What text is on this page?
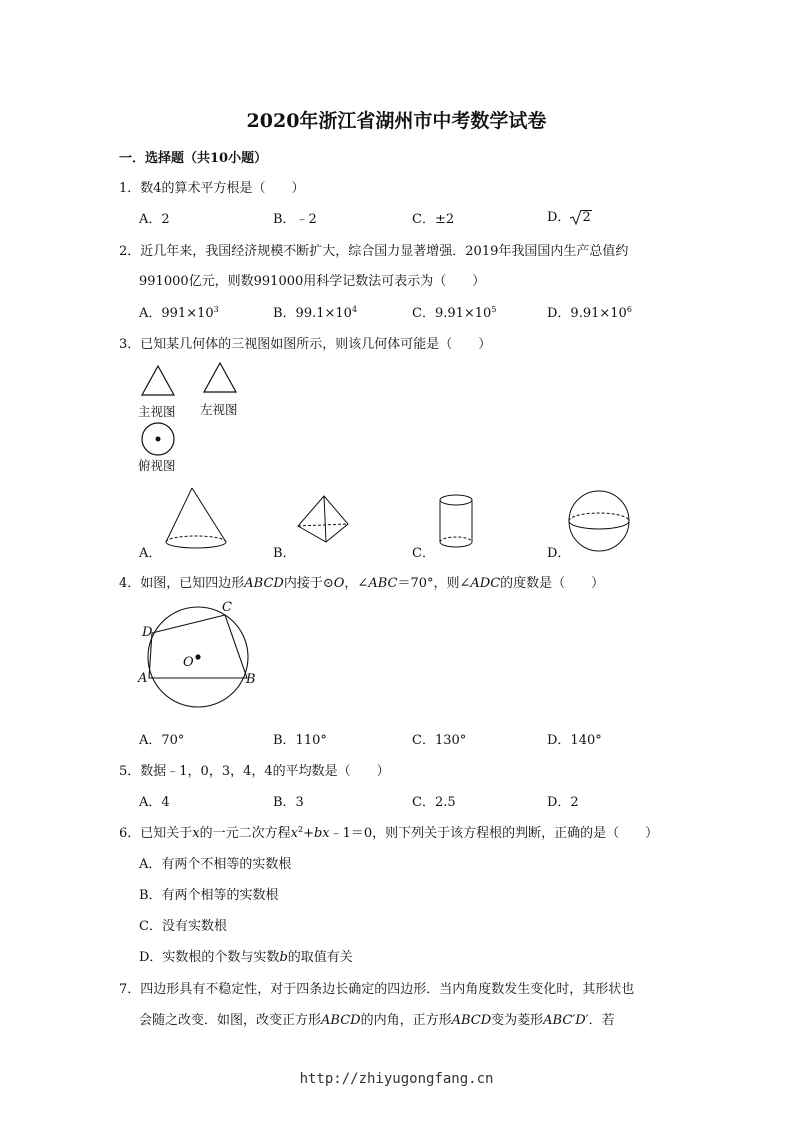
2020年浙江省湖州市中考数学试卷
一．选择题（共10小题）
1．数4的算术平方根是（　　）
A．2	B．﹣2	C．±2	D． 2
2．近几年来，我国经济规模不断扩大，综合国力显著增强．2019年我国国内生产总值约
991000亿元，则数991000用科学记数法可表示为（　　）
A．$991\times 10^3$	B．$99.1\times 10^4$	C．$9.91\times 10^5$	D．$9.91\times 10^6$
3．已知某几何体的三视图如图所示，则该几何体可能是（　　）
主视图 左视图
俯视图
A．	B．	C．	D．
4．如图，已知四边形ABCD内接于⊙O，∠ABC＝70°，则∠ADC的度数是（　　）
A	B
C
D
O
A．70°	B．110°	C．130°	D．140°
5．数据﹣1，0，3，4，4的平均数是（　　）
A．4	B．3	C．2.5	D．2
6．已知关于x的一元二次方程$x^2+bx﹣1=0$，则下列关于该方程根的判断，正确的是（　　）
A．有两个不相等的实数根
B．有两个相等的实数根
C．没有实数根
D．实数根的个数与实数b的取值有关
7．四边形具有不稳定性，对于四条边长确定的四边形．当内角度数发生变化时，其形状也
会随之改变．如图，改变正方形ABCD的内角，正方形ABCD变为菱形ABC′D′．若
http://zhiyugongfang.cn
